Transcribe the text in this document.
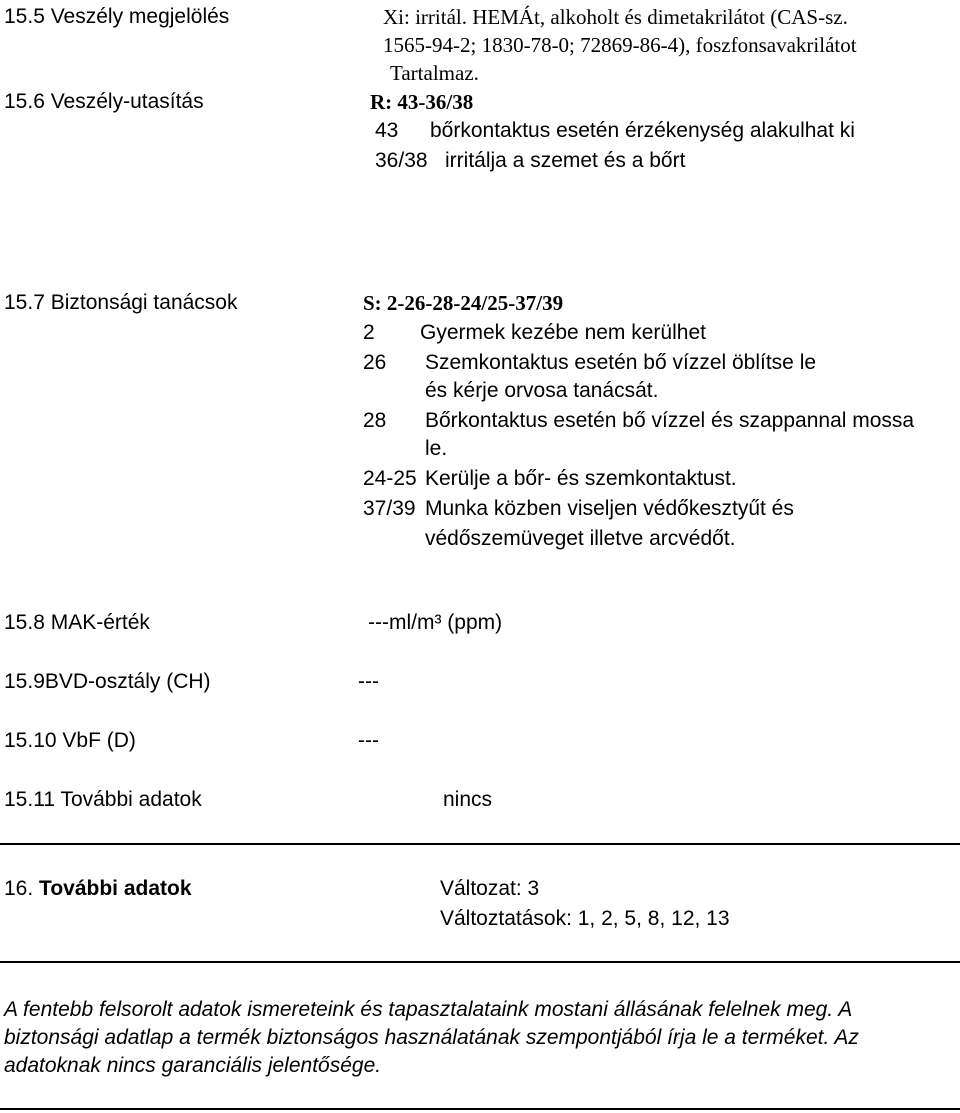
15.5 Veszély megjelölés	Xi: irritál. HEMÁt, alkoholt és dimetakrilátot (CAS-sz.
1565-94-2; 1830-78-0; 72869-86-4), foszfonsavakrilátot
Tartalmaz.
15.6 Veszély-utasítás	R: 43-36/38
43 bőrkontaktus esetén érzékenység alakulhat ki
36/38 irritálja a szemet és a bőrt
15.7 Biztonsági tanácsok	S: 2-26-28-24/25-37/39
2 Gyermek kezébe nem kerülhet
26 Szemkontaktus esetén bő vízzel öblítse le
és kérje orvosa tanácsát.
28 Bőrkontaktus esetén bő vízzel és szappannal mossa
le.
24-25 Kerülje a bőr- és szemkontaktust.
37/39 Munka közben viseljen védőkesztyűt és
védőszemüveget illetve arcvédőt.
15.8 MAK-érték	---ml/m³ (ppm)
15.9BVD-osztály (CH)	---
15.10 VbF (D)	---
15.11 További adatok	nincs
16. További adatok	Változat: 3
Változtatások: 1, 2, 5, 8, 12, 13
A fentebb felsorolt adatok ismereteink és tapasztalataink mostani állásának felelnek meg. A
biztonsági adatlap a termék biztonságos használatának szempontjából írja le a terméket. Az
adatoknak nincs garanciális jelentősége.
